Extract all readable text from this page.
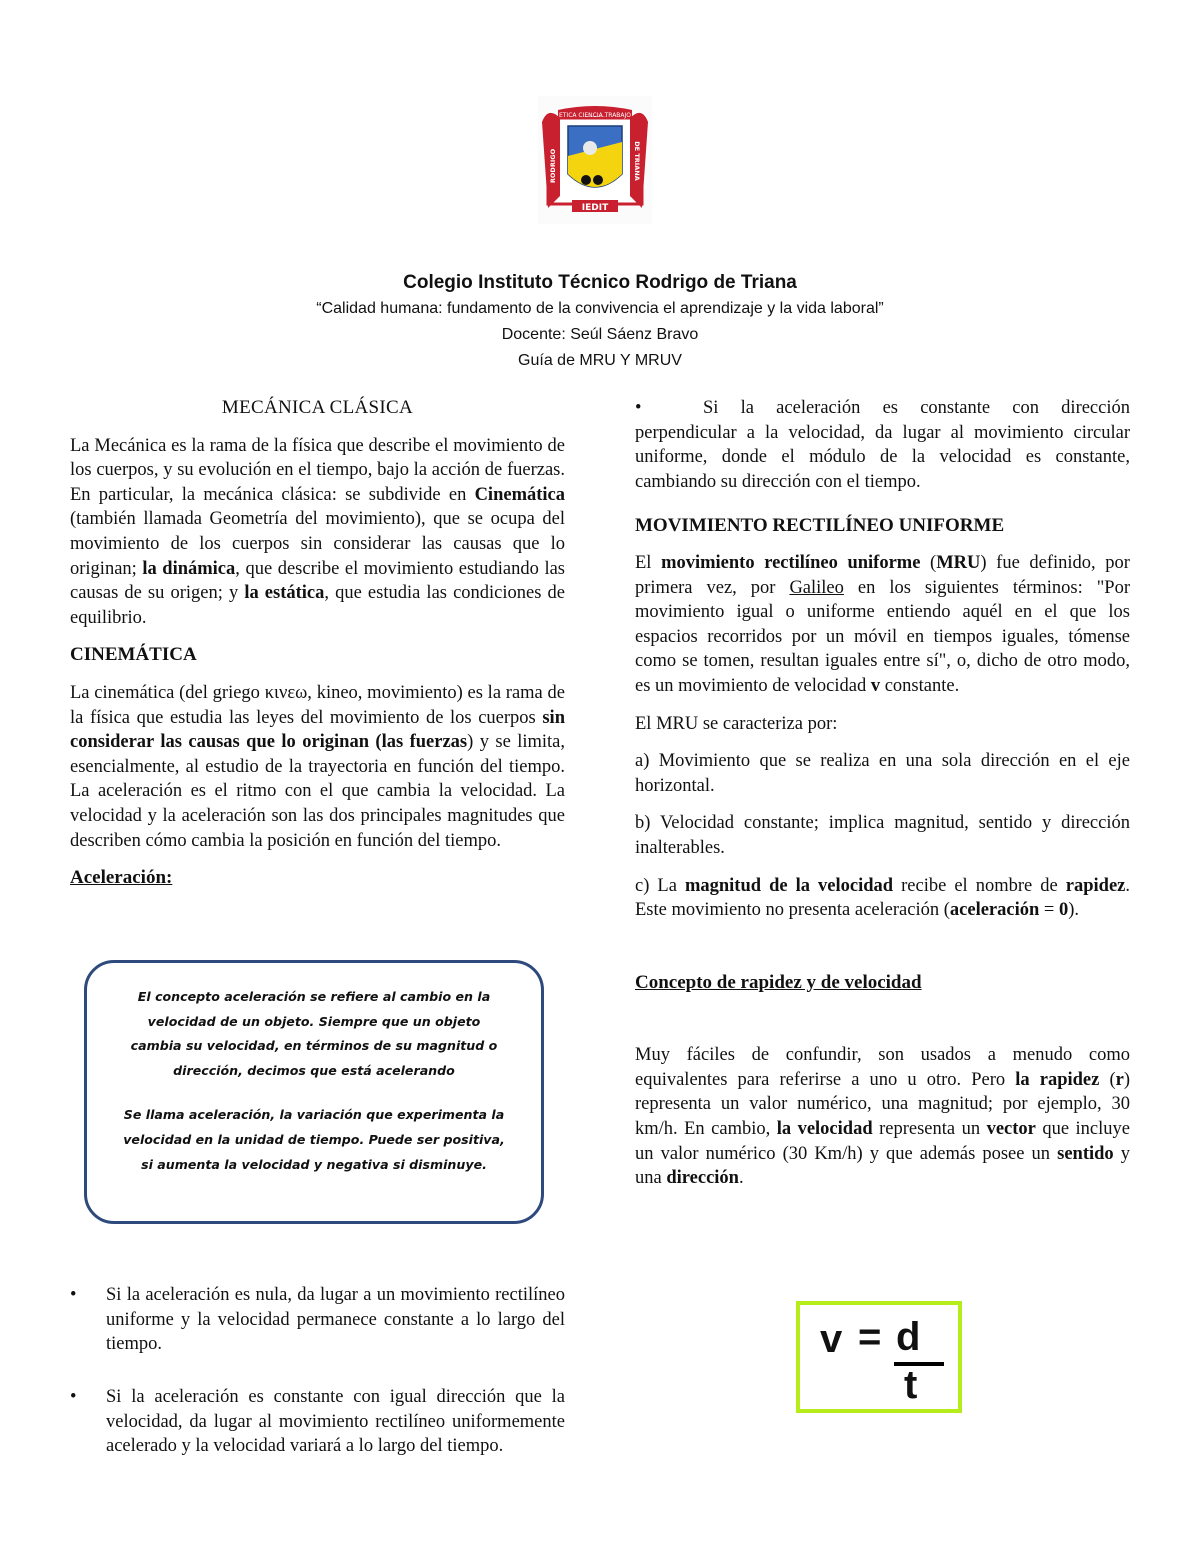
ETICA CIENCIA TRABAJO
RODRIGO	DE TRIANA
IEDIT
Colegio Instituto Técnico Rodrigo de Triana
“Calidad humana: fundamento de la convivencia el aprendizaje y la vida laboral”
Docente: Seúl Sáenz Bravo
Guía de MRU Y MRUV
MECÁNICA CLÁSICA

La Mecánica es la rama de la física que describe el movimiento de los cuerpos, y su evolución en el tiempo, bajo la acción de fuerzas. En particular, la mecánica clásica: se subdivide en Cinemática (también llamada Geometría del movimiento), que se ocupa del movimiento de los cuerpos sin considerar las causas que lo originan; la dinámica, que describe el movimiento estudiando las causas de su origen; y la estática, que estudia las condiciones de equilibrio.

CINEMÁTICA

La cinemática (del griego κινεω, kineo, movimiento) es la rama de la física que estudia las leyes del movimiento de los cuerpos sin considerar las causas que lo originan (las fuerzas) y se limita, esencialmente, al estudio de la trayectoria en función del tiempo. La aceleración es el ritmo con el que cambia la velocidad. La velocidad y la aceleración son las dos principales magnitudes que describen cómo cambia la posición en función del tiempo.

Aceleración:

El concepto aceleración se refiere al cambio en la velocidad de un objeto. Siempre que un objeto cambia su velocidad, en términos de su magnitud o dirección, decimos que está acelerando

Se llama aceleración, la variación que experimenta la velocidad en la unidad de tiempo. Puede ser positiva, si aumenta la velocidad y negativa si disminuye.

• Si la aceleración es nula, da lugar a un movimiento rectilíneo uniforme y la velocidad permanece constante a lo largo del tiempo.

• Si la aceleración es constante con igual dirección que la velocidad, da lugar al movimiento rectilíneo uniformemente acelerado y la velocidad variará a lo largo del tiempo.

•	Si la aceleración es constante con dirección perpendicular a la velocidad, da lugar al movimiento circular uniforme, donde el módulo de la velocidad es constante, cambiando su dirección con el tiempo.

MOVIMIENTO RECTILÍNEO UNIFORME

El movimiento rectilíneo uniforme (MRU) fue definido, por primera vez, por Galileo en los siguientes términos: "Por movimiento igual o uniforme entiendo aquél en el que los espacios recorridos por un móvil en tiempos iguales, tómense como se tomen, resultan iguales entre sí", o, dicho de otro modo, es un movimiento de velocidad v constante.

El MRU se caracteriza por:

a) Movimiento que se realiza en una sola dirección en el eje horizontal.

b) Velocidad constante; implica magnitud, sentido y dirección inalterables.

c) La magnitud de la velocidad recibe el nombre de rapidez. Este movimiento no presenta aceleración (aceleración = 0).

Concepto de rapidez y de velocidad

Muy fáciles de confundir, son usados a menudo como equivalentes para referirse a uno u otro. Pero la rapidez (r) representa un valor numérico, una magnitud; por ejemplo, 30 km/h. En cambio, la velocidad representa un vector que incluye un valor numérico (30 Km/h) y que además posee un sentido y una dirección.

v = d
t
